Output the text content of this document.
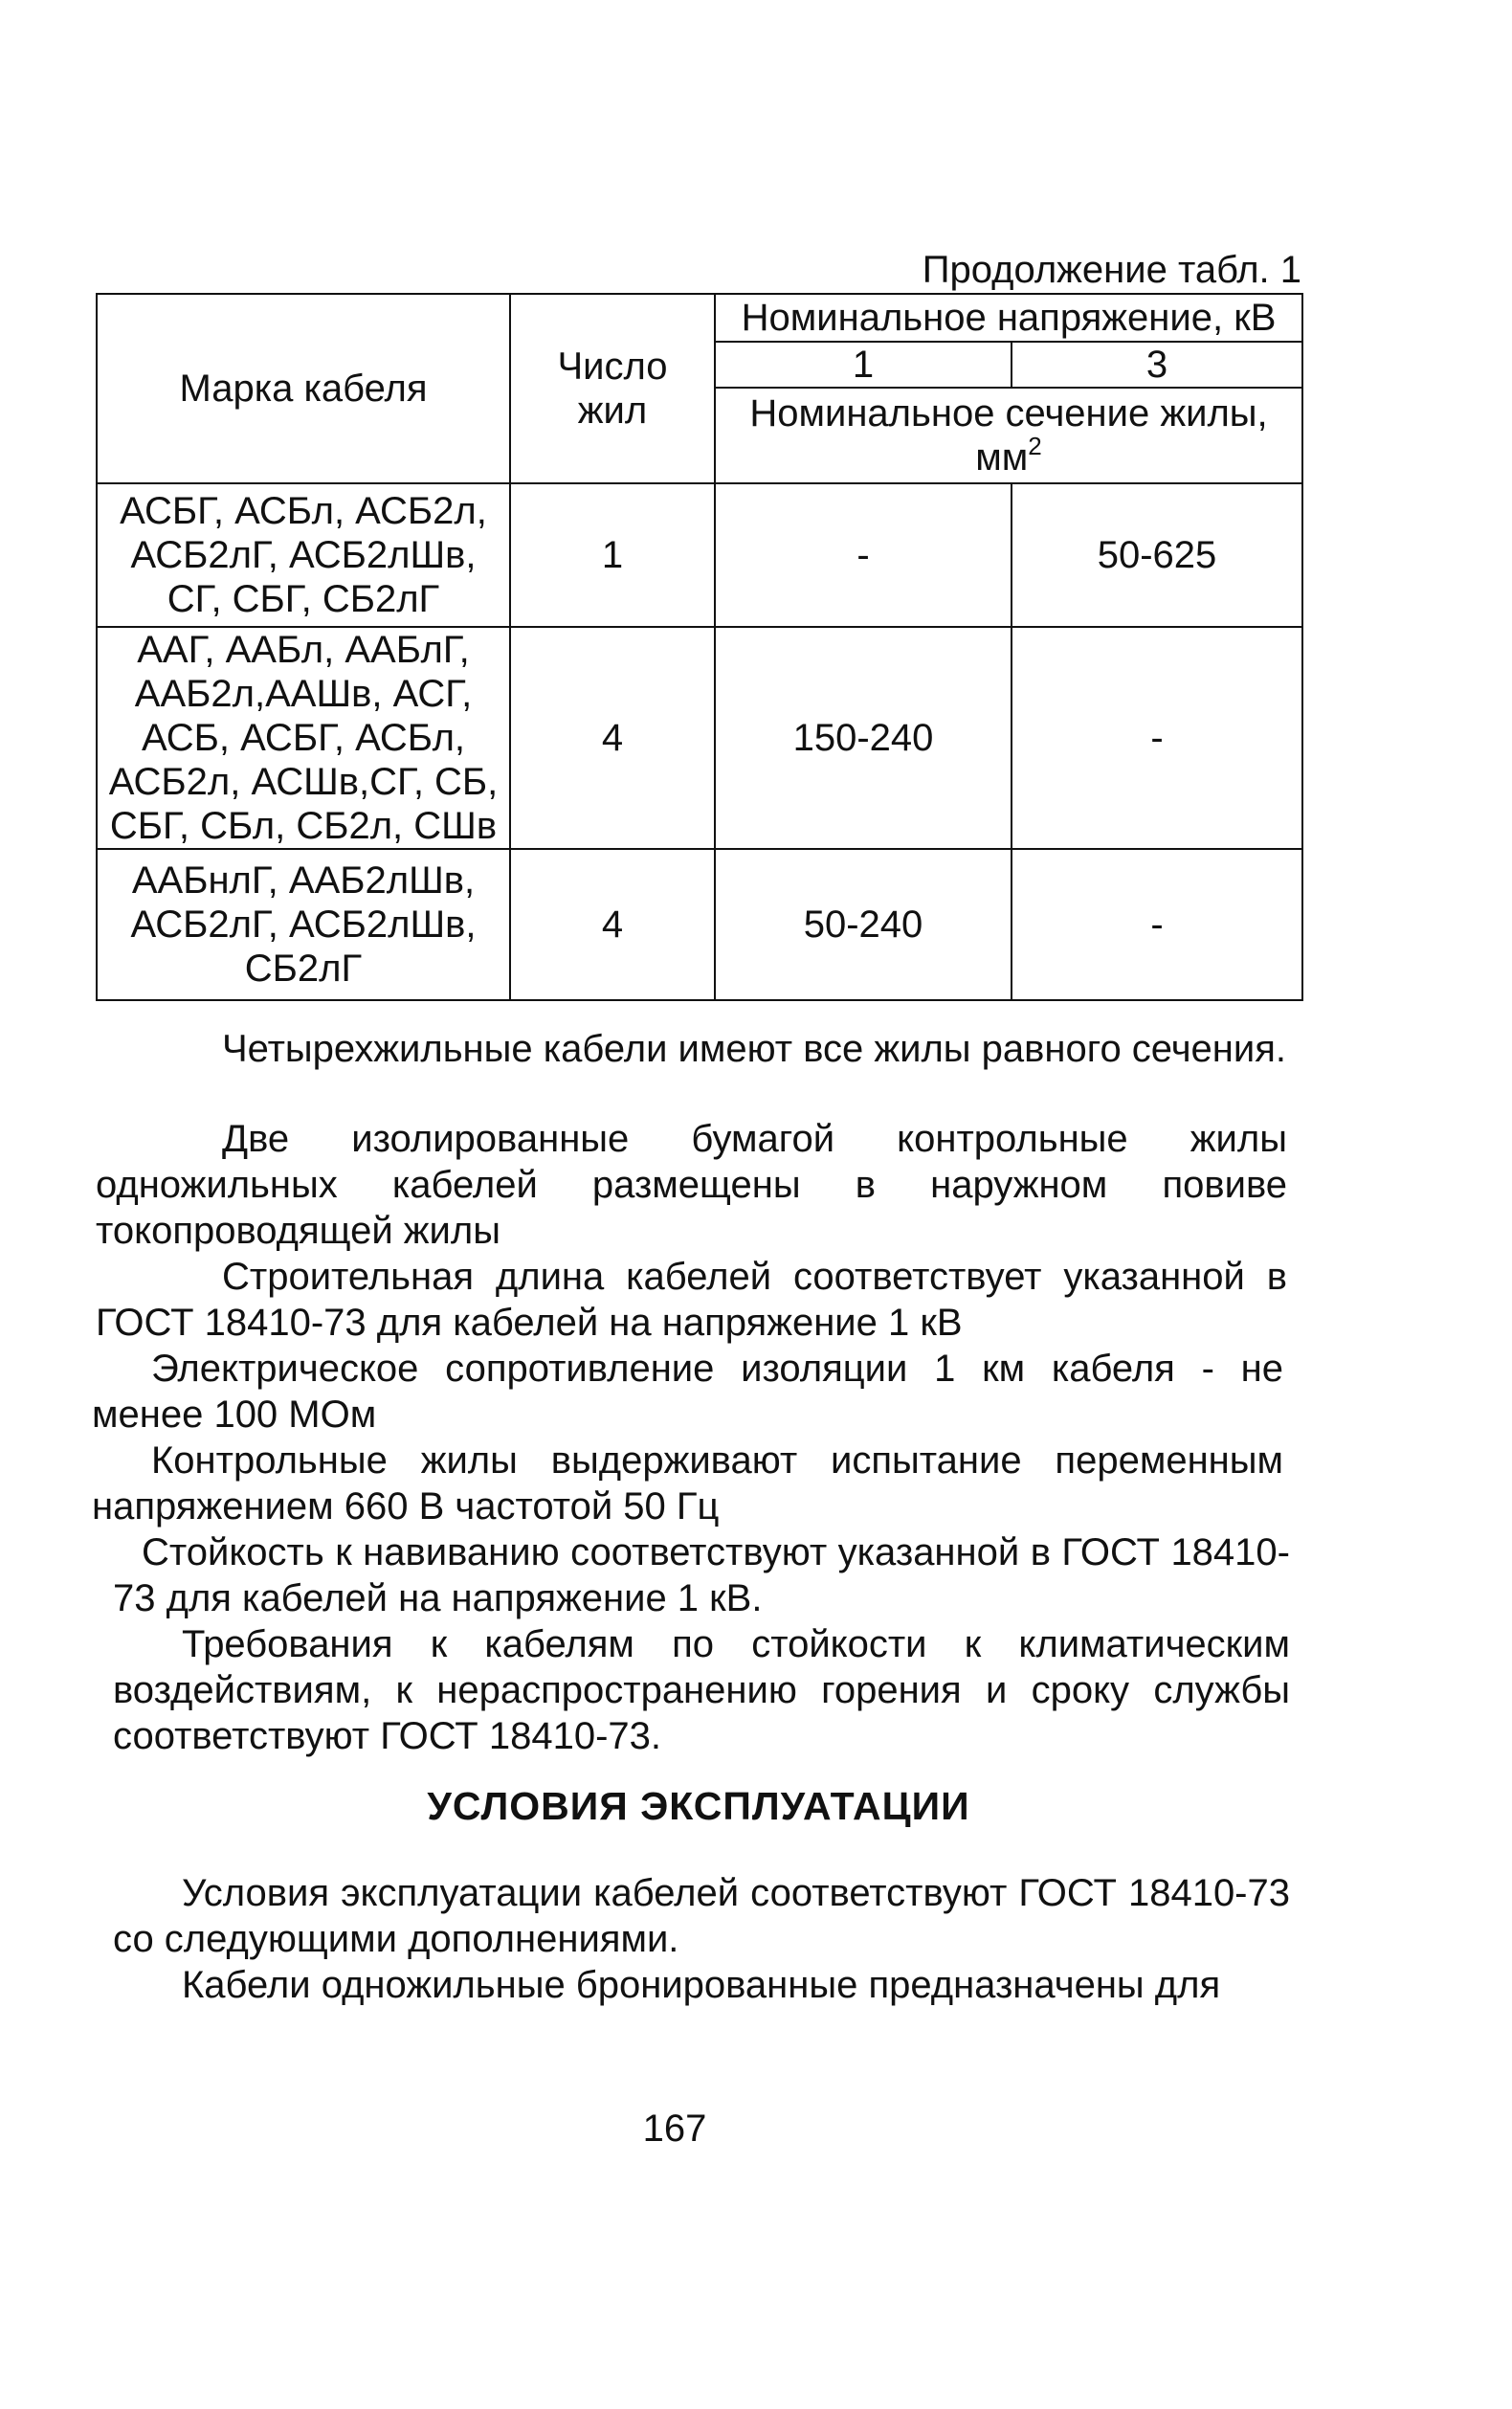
Продолжение табл. 1
Марка кабеля	Число жил	Номинальное напряжение, кВ	
		1	3
		Номинальное сечение жилы, $мм^2$
АСБГ, АСБл, АСБ2л, АСБ2лГ, АСБ2лШв, СГ, СБГ, СБ2лГ	1	-	50-625
ААГ, ААБл, ААБлГ, ААБ2л,ААШв, АСГ, АСБ, АСБГ, АСБл, АСБ2л, АСШв,СГ, СБ, СБГ, СБл, СБ2л, СШв	4	150-240	-
ААБнлГ, ААБ2лШв, АСБ2лГ, АСБ2лШв, СБ2лГ	4	50-240	-
Четырехжильные кабели имеют все жилы равного сечения.
Две изолированные бумагой контрольные жилы одножильных кабелей размещены в наружном повиве токопроводящей жилы
Строительная длина кабелей соответствует указанной в ГОСТ 18410-73 для кабелей на напряжение 1 кВ
Электрическое сопротивление изоляции 1 км кабеля - не менее 100 МОм
Контрольные жилы выдерживают испытание переменным напряжением 660 В частотой 50 Гц
Стойкость к навиванию соответствуют указанной в ГОСТ 18410-73 для кабелей на напряжение 1 кВ.
Требования к кабелям по стойкости к климатическим воздействиям, к нераспространению горения и сроку службы соответствуют ГОСТ 18410-73.
УСЛОВИЯ ЭКСПЛУАТАЦИИ
Условия эксплуатации кабелей соответствуют ГОСТ 18410-73 со следующими дополнениями.
Кабели одножильные бронированные предназначены для
167
